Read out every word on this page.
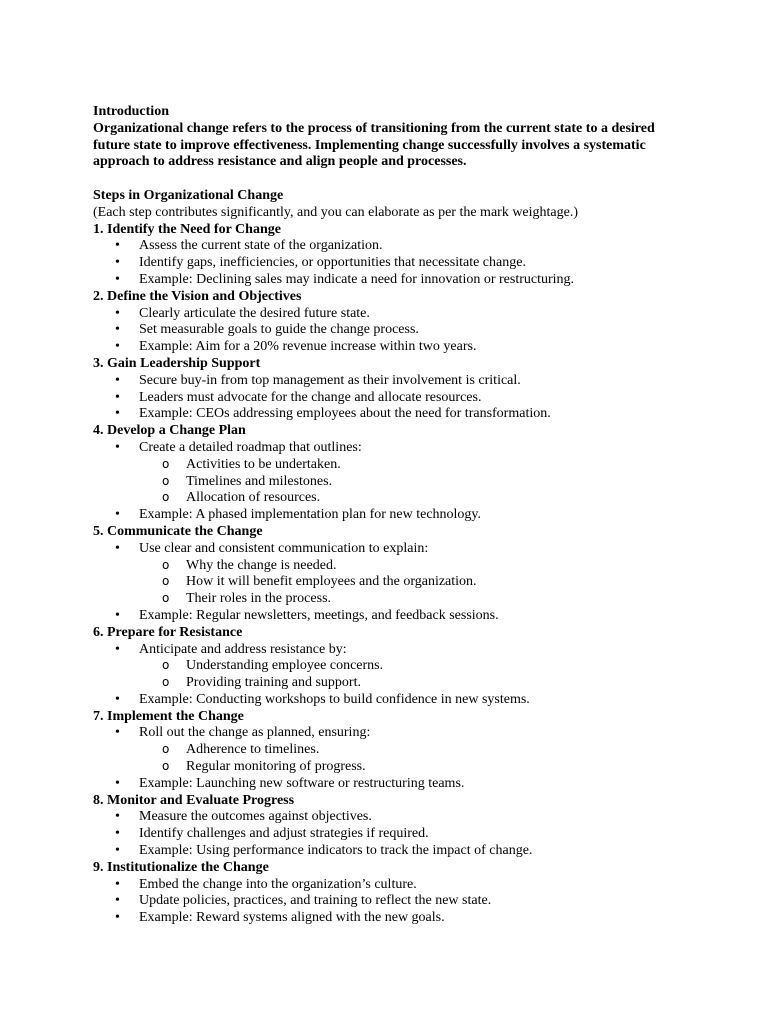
Introduction

Organizational change refers to the process of transitioning from the current state to a desired future state to improve effectiveness. Implementing change successfully involves a systematic approach to address resistance and align people and processes.

Steps in Organizational Change
(Each step contributes significantly, and you can elaborate as per the mark weightage.)
1. Identify the Need for Change
• Assess the current state of the organization.
• Identify gaps, inefficiencies, or opportunities that necessitate change.
• Example: Declining sales may indicate a need for innovation or restructuring.
2. Define the Vision and Objectives
• Clearly articulate the desired future state.
• Set measurable goals to guide the change process.
• Example: Aim for a 20% revenue increase within two years.
3. Gain Leadership Support
• Secure buy-in from top management as their involvement is critical.
• Leaders must advocate for the change and allocate resources.
• Example: CEOs addressing employees about the need for transformation.
4. Develop a Change Plan
• Create a detailed roadmap that outlines:
o Activities to be undertaken.
o Timelines and milestones.
o Allocation of resources.
• Example: A phased implementation plan for new technology.
5. Communicate the Change
• Use clear and consistent communication to explain:
o Why the change is needed.
o How it will benefit employees and the organization.
o Their roles in the process.
• Example: Regular newsletters, meetings, and feedback sessions.
6. Prepare for Resistance
• Anticipate and address resistance by:
o Understanding employee concerns.
o Providing training and support.
• Example: Conducting workshops to build confidence in new systems.
7. Implement the Change
• Roll out the change as planned, ensuring:
o Adherence to timelines.
o Regular monitoring of progress.
• Example: Launching new software or restructuring teams.
8. Monitor and Evaluate Progress
• Measure the outcomes against objectives.
• Identify challenges and adjust strategies if required.
• Example: Using performance indicators to track the impact of change.
9. Institutionalize the Change
• Embed the change into the organization’s culture.
• Update policies, practices, and training to reflect the new state.
• Example: Reward systems aligned with the new goals.
